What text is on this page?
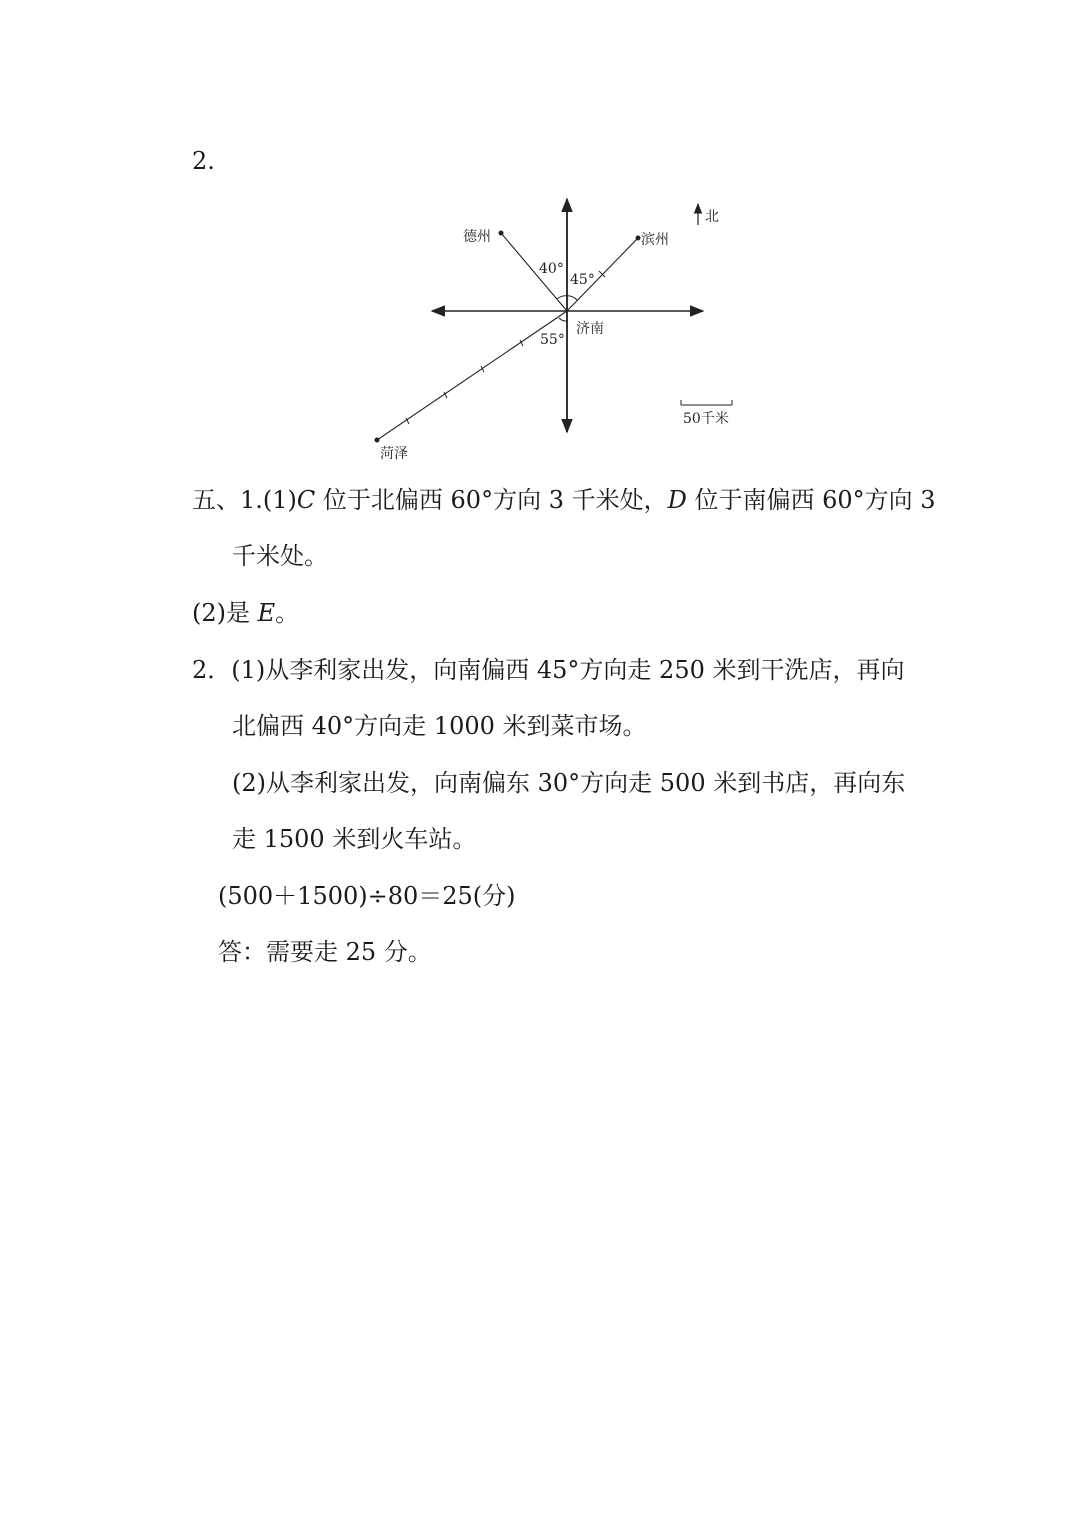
2.
德州	滨州
菏泽
济南
40°
45°
55°
北
50千米
五、1.(1)C 位于北偏西 60°方向 3 千米处，D 位于南偏西 60°方向 3
千米处。
(2)是 E。
2．(1)从李利家出发，向南偏西 45°方向走 250 米到干洗店，再向
北偏西 40°方向走 1000 米到菜市场。
(2)从李利家出发，向南偏东 30°方向走 500 米到书店，再向东
走 1500 米到火车站。
(500＋1500)÷80＝25(分)
答：需要走 25 分。
